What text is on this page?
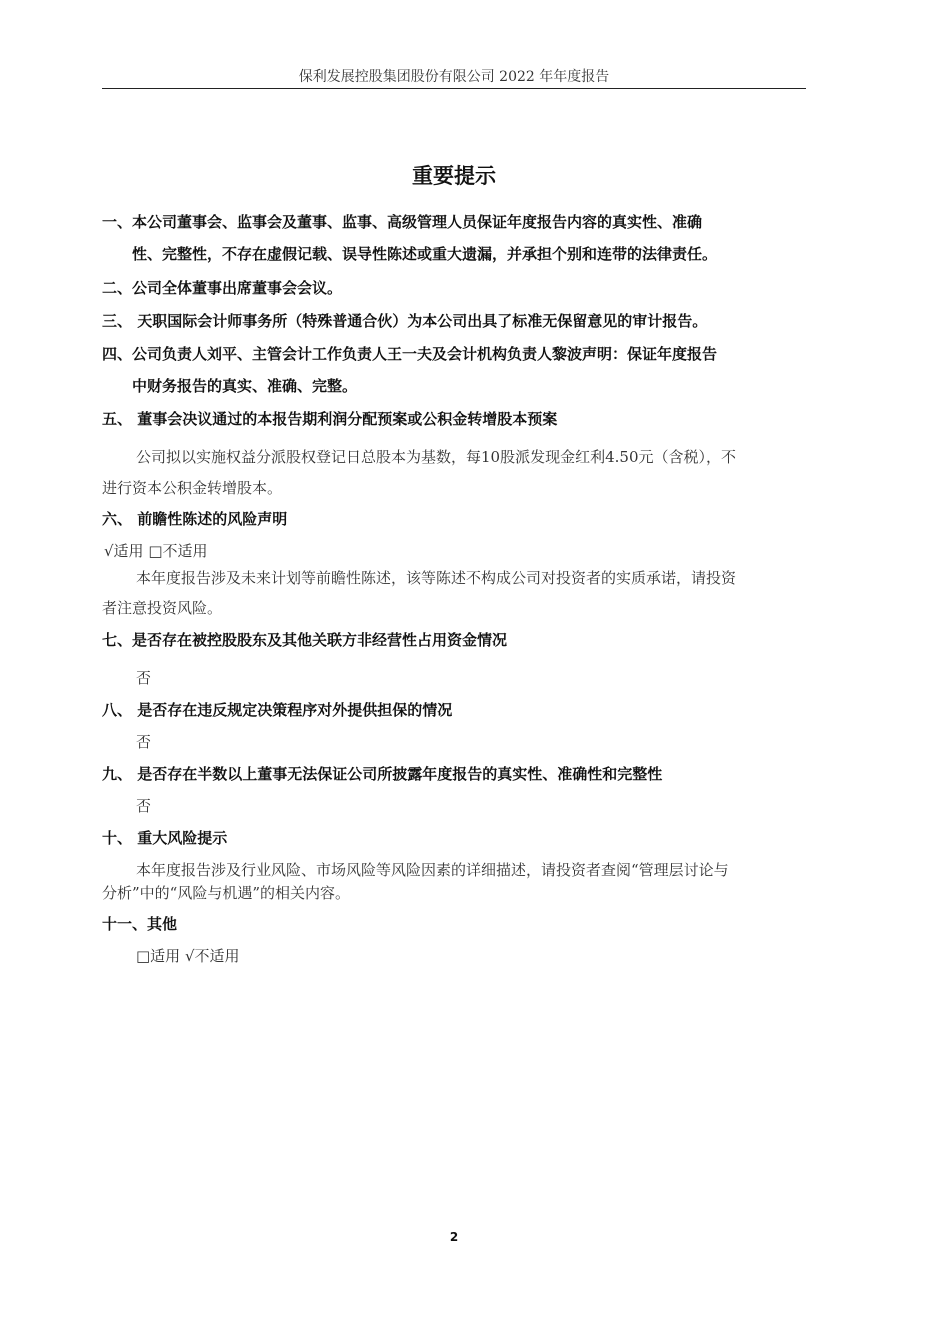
保利发展控股集团股份有限公司 2022 年年度报告
重要提示
一、本公司董事会、监事会及董事、监事、高级管理人员保证年度报告内容的真实性、准确
性、完整性，不存在虚假记载、误导性陈述或重大遗漏，并承担个别和连带的法律责任。
二、公司全体董事出席董事会会议。
三、 天职国际会计师事务所（特殊普通合伙）为本公司出具了标准无保留意见的审计报告。
四、公司负责人刘平、主管会计工作负责人王一夫及会计机构负责人黎波声明：保证年度报告
中财务报告的真实、准确、完整。
五、 董事会决议通过的本报告期利润分配预案或公积金转增股本预案
公司拟以实施权益分派股权登记日总股本为基数，每10股派发现金红利4.50元（含税），不
进行资本公积金转增股本。
六、 前瞻性陈述的风险声明
√适用 □不适用
本年度报告涉及未来计划等前瞻性陈述，该等陈述不构成公司对投资者的实质承诺，请投资
者注意投资风险。
七、是否存在被控股股东及其他关联方非经营性占用资金情况
否
八、 是否存在违反规定决策程序对外提供担保的情况
否
九、 是否存在半数以上董事无法保证公司所披露年度报告的真实性、准确性和完整性
否
十、 重大风险提示
本年度报告涉及行业风险、市场风险等风险因素的详细描述，请投资者查阅“管理层讨论与
分析”中的“风险与机遇”的相关内容。
十一、其他
□适用 √不适用
2
